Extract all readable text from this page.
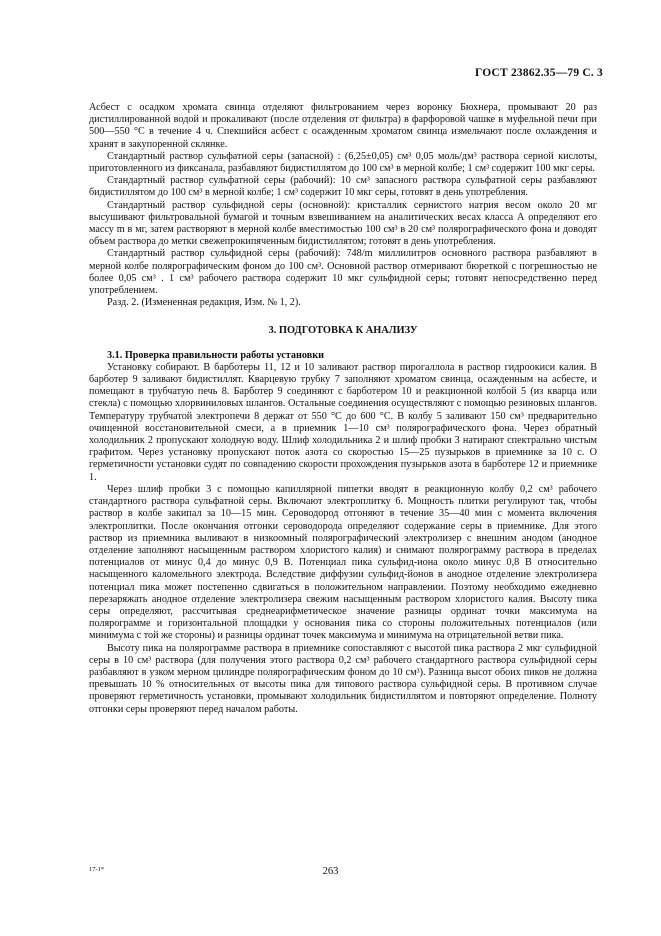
ГОСТ 23862.35—79 С. 3

Асбест с осадком хромата свинца отделяют фильтрованием через воронку Бюхнера, промывают 20 раз дистиллированной водой и прокаливают (после отделения от фильтра) в фарфоровой чашке в муфельной печи при 500—550 °С в течение 4 ч. Спекшийся асбест с осажденным хроматом свинца измельчают после охлаждения и хранят в закупоренной склянке.

Стандартный раствор сульфатной серы (запасной) : (6,25±0,05) см³ 0,05 моль/дм³ раствора серной кислоты, приготовленного из фиксанала, разбавляют бидистиллятом до 100 см³ в мерной колбе; 1 см³ содержит 100 мкг серы.

Стандартный раствор сульфатной серы (рабочий): 10 см³ запасного раствора сульфатной серы разбавляют бидистиллятом до 100 см³ в мерной колбе; 1 см³ содержит 10 мкг серы, готовят в день употребления.

Стандартный раствор сульфидной серы (основной): кристаллик сернистого натрия весом около 20 мг высушивают фильтровальной бумагой и точным взвешиванием на аналитических весах класса А определяют его массу m в мг, затем растворяют в мерной колбе вместимостью 100 см³ в 20 см³ полярографического фона и доводят объем раствора до метки свежепрокипяченным бидистиллятом; готовят в день употребления.

Стандартный раствор сульфидной серы (рабочий): 748/m миллилитров основного раствора разбавляют в мерной колбе полярографическим фоном до 100 см³. Основной раствор отмеривают бюреткой с погрешностью не более 0,05 см³ . 1 см³ рабочего раствора содержит 10 мкг сульфидной серы; готовят непосредственно перед употреблением.

Разд. 2. (Измененная редакция, Изм. № 1, 2).

3. ПОДГОТОВКА К АНАЛИЗУ

3.1. Проверка правильности работы установки

Установку собирают. В барботеры 11, 12 и 10 заливают раствор пирогаллола в раствор гидроокиси калия. В барботер 9 заливают бидистиллят. Кварцевую трубку 7 заполняют хроматом свинца, осажденным на асбесте, и помещают в трубчатую печь 8. Барботер 9 соединяют с барботером 10 и реакционной колбой 5 (из кварца или стекла) с помощью хлорвиниловых шлангов. Остальные соединения осуществляют с помощью резиновых шлангов. Температуру трубчатой электропечи 8 держат от 550 °С до 600 °С. В колбу 5 заливают 150 см³ предварительно очищенной восстановительной смеси, а в приемник 1—10 см³ полярографического фона. Через обратный холодильник 2 пропускают холодную воду. Шлиф холодильника 2 и шлиф пробки 3 натирают спектрально чистым графитом. Через установку пропускают поток азота со скоростью 15—25 пузырьков в приемнике за 10 с. О герметичности установки судят по совпадению скорости прохождения пузырьков азота в барботере 12 и приемнике 1.

Через шлиф пробки 3 с помощью капиллярной пипетки вводят в реакционную колбу 0,2 см³ рабочего стандартного раствора сульфатной серы. Включают электроплитку 6. Мощность плитки регулируют так, чтобы раствор в колбе закипал за 10—15 мин. Сероводород отгоняют в течение 35—40 мин с момента включения электроплитки. После окончания отгонки сероводорода определяют содержание серы в приемнике. Для этого раствор из приемника выливают в низкоомный полярографический электролизер с внешним анодом (анодное отделение заполняют насыщенным раствором хлористого калия) и снимают полярограмму раствора в пределах потенциалов от минус 0,4 до минус 0,9 В. Потенциал пика сульфид-иона около минус 0,8 В относительно насыщенного каломельного электрода. Вследствие диффузии сульфид-йонов в анодное отделение электролизера потенциал пика может постепенно сдвигаться в положительном направлении. Поэтому необходимо ежедневно перезаряжать анодное отделение электролизера свежим насыщенным раствором хлористого калия. Высоту пика серы определяют, рассчитывая среднеарифметическое значение разницы ординат точки максимума на полярограмме и горизонтальной площадки у основания пика со стороны положительных потенциалов (или минимума с той же стороны) и разницы ординат точек максимума и минимума на отрицательной ветви пика.

Высоту пика на полярограмме раствора в приемнике сопоставляют с высотой пика раствора 2 мкг сульфидной серы в 10 см³ раствора (для получения этого раствора 0,2 см³ рабочего стандартного раствора сульфидной серы разбавляют в узком мерном цилиндре полярографическим фоном до 10 см³). Разница высот обоих пиков не должна превышать 10 % относительных от высоты пика для типового раствора сульфидной серы. В противном случае проверяют герметичность установки, промывают холодильник бидистиллятом и повторяют определение. Полноту отгонки серы проверяют перед началом работы.

17-1*	263
